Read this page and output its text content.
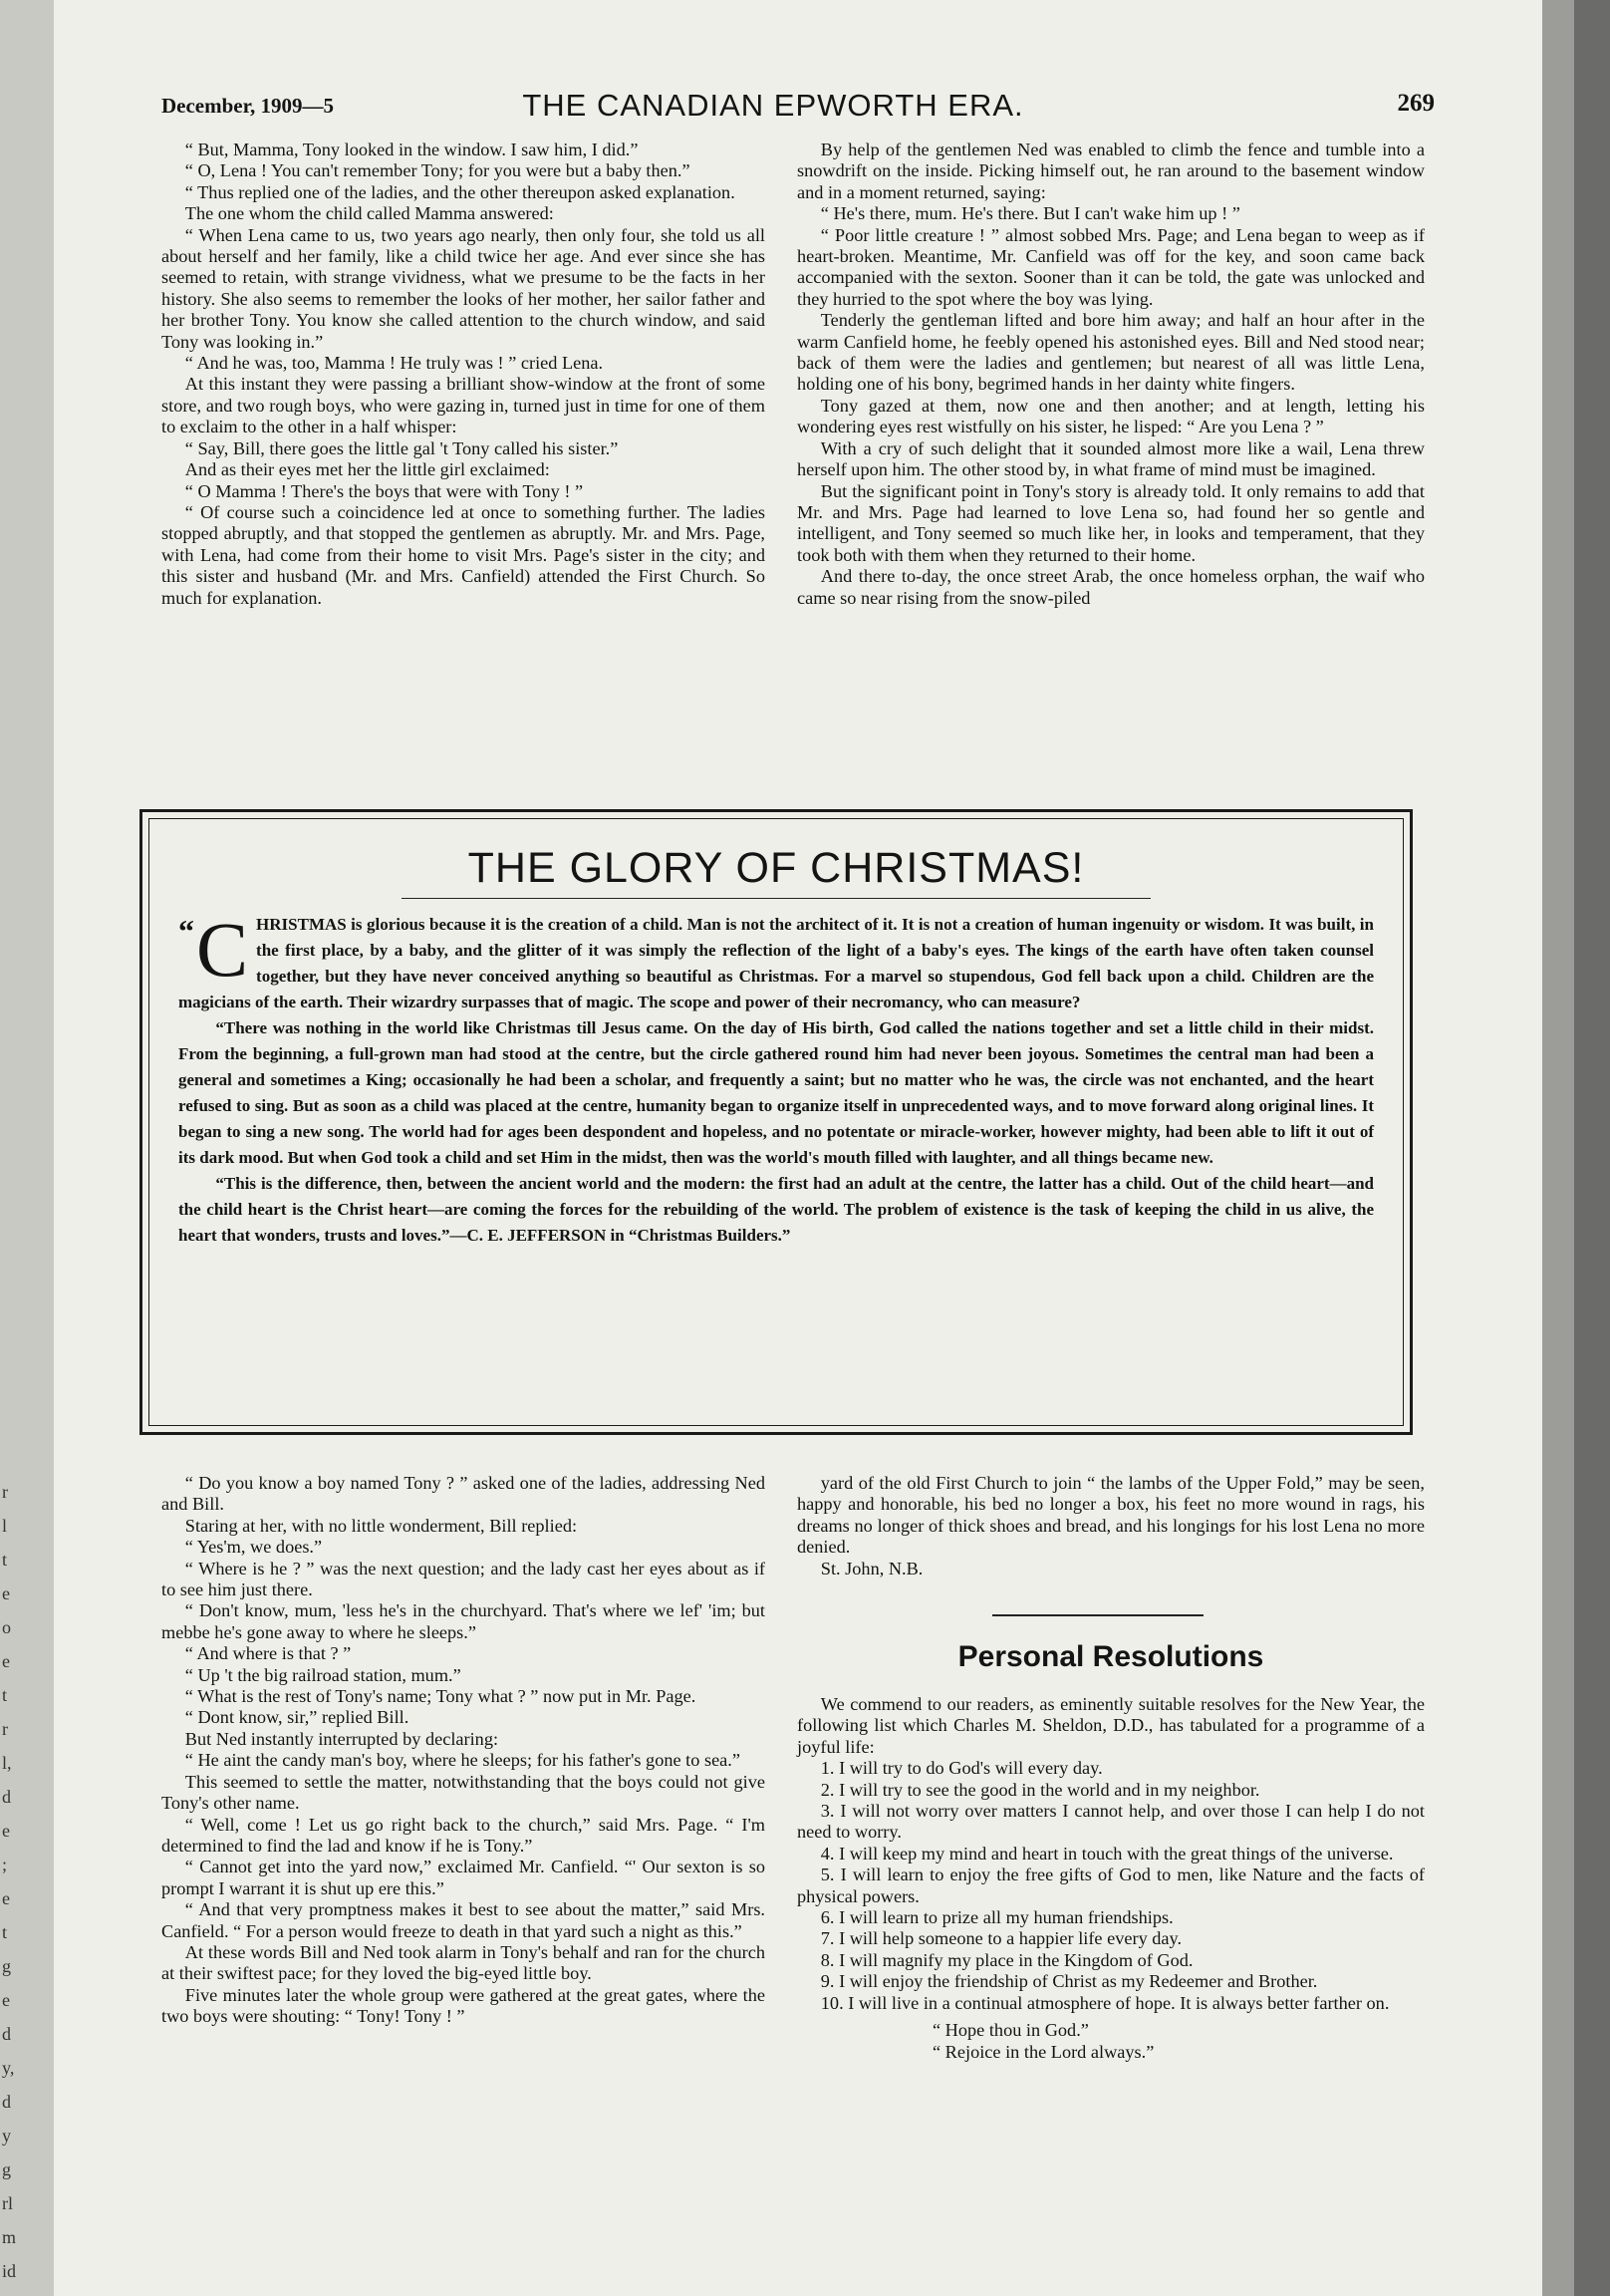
r
l
t
e
o
e
t
r
l,
d
e
;
e
t
g
e
d
y,
d
y
g
rl
m
id
December, 1909—5	THE CANADIAN EPWORTH ERA.	269

“ But, Mamma, Tony looked in the window. I saw him, I did.”

“ O, Lena ! You can't remember Tony; for you were but a baby then.”

“ Thus replied one of the ladies, and the other thereupon asked explanation.

The one whom the child called Mamma answered:

“ When Lena came to us, two years ago nearly, then only four, she told us all about herself and her family, like a child twice her age. And ever since she has seemed to retain, with strange vividness, what we presume to be the facts in her history. She also seems to remember the looks of her mother, her sailor father and her brother Tony. You know she called attention to the church window, and said Tony was looking in.”

“ And he was, too, Mamma ! He truly was ! ” cried Lena.

At this instant they were passing a brilliant show-window at the front of some store, and two rough boys, who were gazing in, turned just in time for one of them to exclaim to the other in a half whisper:

“ Say, Bill, there goes the little gal 't Tony called his sister.”

And as their eyes met her the little girl exclaimed:

“ O Mamma ! There's the boys that were with Tony ! ”

“ Of course such a coincidence led at once to something further. The ladies stopped abruptly, and that stopped the gentlemen as abruptly. Mr. and Mrs. Page, with Lena, had come from their home to visit Mrs. Page's sister in the city; and this sister and husband (Mr. and Mrs. Canfield) attended the First Church. So much for explanation.

By help of the gentlemen Ned was enabled to climb the fence and tumble into a snowdrift on the inside. Picking himself out, he ran around to the basement window and in a moment returned, saying:

“ He's there, mum. He's there. But I can't wake him up ! ”

“ Poor little creature ! ” almost sobbed Mrs. Page; and Lena began to weep as if heart-broken. Meantime, Mr. Canfield was off for the key, and soon came back accompanied with the sexton. Sooner than it can be told, the gate was unlocked and they hurried to the spot where the boy was lying.

Tenderly the gentleman lifted and bore him away; and half an hour after in the warm Canfield home, he feebly opened his astonished eyes. Bill and Ned stood near; back of them were the ladies and gentlemen; but nearest of all was little Lena, holding one of his bony, begrimed hands in her dainty white fingers.

Tony gazed at them, now one and then another; and at length, letting his wondering eyes rest wistfully on his sister, he lisped: “ Are you Lena ? ”

With a cry of such delight that it sounded almost more like a wail, Lena threw herself upon him. The other stood by, in what frame of mind must be imagined.

But the significant point in Tony's story is already told. It only remains to add that Mr. and Mrs. Page had learned to love Lena so, had found her so gentle and intelligent, and Tony seemed so much like her, in looks and temperament, that they took both with them when they returned to their home.

And there to-day, the once street Arab, the once homeless orphan, the waif who came so near rising from the snow-piled

THE GLORY OF CHRISTMAS!

“ C HRISTMAS is glorious because it is the creation of a child. Man is not the architect of it. It is not a creation of human ingenuity or wisdom. It was built, in the first place, by a baby, and the glitter of it was simply the reflection of the light of a baby's eyes. The kings of the earth have often taken counsel together, but they have never conceived anything so beautiful as Christmas. For a marvel so stupendous, God fell back upon a child. Children are the magicians of the earth. Their wizardry surpasses that of magic. The scope and power of their necromancy, who can measure?

“There was nothing in the world like Christmas till Jesus came. On the day of His birth, God called the nations together and set a little child in their midst. From the beginning, a full-grown man had stood at the centre, but the circle gathered round him had never been joyous. Sometimes the central man had been a general and sometimes a King; occasionally he had been a scholar, and frequently a saint; but no matter who he was, the circle was not enchanted, and the heart refused to sing. But as soon as a child was placed at the centre, humanity began to organize itself in unprecedented ways, and to move forward along original lines. It began to sing a new song. The world had for ages been despondent and hopeless, and no potentate or miracle-worker, however mighty, had been able to lift it out of its dark mood. But when God took a child and set Him in the midst, then was the world's mouth filled with laughter, and all things became new.

“This is the difference, then, between the ancient world and the modern: the first had an adult at the centre, the latter has a child. Out of the child heart—and the child heart is the Christ heart—are coming the forces for the rebuilding of the world. The problem of existence is the task of keeping the child in us alive, the heart that wonders, trusts and loves.”—C. E. JEFFERSON in “Christmas Builders.”

“ Do you know a boy named Tony ? ” asked one of the ladies, addressing Ned and Bill.

Staring at her, with no little wonderment, Bill replied:

“ Yes'm, we does.”

“ Where is he ? ” was the next question; and the lady cast her eyes about as if to see him just there.

“ Don't know, mum, 'less he's in the churchyard. That's where we lef' 'im; but mebbe he's gone away to where he sleeps.”

“ And where is that ? ”

“ Up 't the big railroad station, mum.”

“ What is the rest of Tony's name; Tony what ? ” now put in Mr. Page.

“ Dont know, sir,” replied Bill.

But Ned instantly interrupted by declaring:

“ He aint the candy man's boy, where he sleeps; for his father's gone to sea.”

This seemed to settle the matter, notwithstanding that the boys could not give Tony's other name.

“ Well, come ! Let us go right back to the church,” said Mrs. Page. “ I'm determined to find the lad and know if he is Tony.”

“ Cannot get into the yard now,” exclaimed Mr. Canfield. “' Our sexton is so prompt I warrant it is shut up ere this.”

“ And that very promptness makes it best to see about the matter,” said Mrs. Canfield. “ For a person would freeze to death in that yard such a night as this.”

At these words Bill and Ned took alarm in Tony's behalf and ran for the church at their swiftest pace; for they loved the big-eyed little boy.

Five minutes later the whole group were gathered at the great gates, where the two boys were shouting: “ Tony! Tony ! ”

yard of the old First Church to join “ the lambs of the Upper Fold,” may be seen, happy and honorable, his bed no longer a box, his feet no more wound in rags, his dreams no longer of thick shoes and bread, and his longings for his lost Lena no more denied.

St. John, N.B.

Personal Resolutions

We commend to our readers, as eminently suitable resolves for the New Year, the following list which Charles M. Sheldon, D.D., has tabulated for a programme of a joyful life:

1. I will try to do God's will every day.

2. I will try to see the good in the world and in my neighbor.

3. I will not worry over matters I cannot help, and over those I can help I do not need to worry.

4. I will keep my mind and heart in touch with the great things of the universe.

5. I will learn to enjoy the free gifts of God to men, like Nature and the facts of physical powers.

6. I will learn to prize all my human friendships.

7. I will help someone to a happier life every day.

8. I will magnify my place in the Kingdom of God.

9. I will enjoy the friendship of Christ as my Redeemer and Brother.

10. I will live in a continual atmosphere of hope. It is always better farther on.

“ Hope thou in God.”
“ Rejoice in the Lord always.”
